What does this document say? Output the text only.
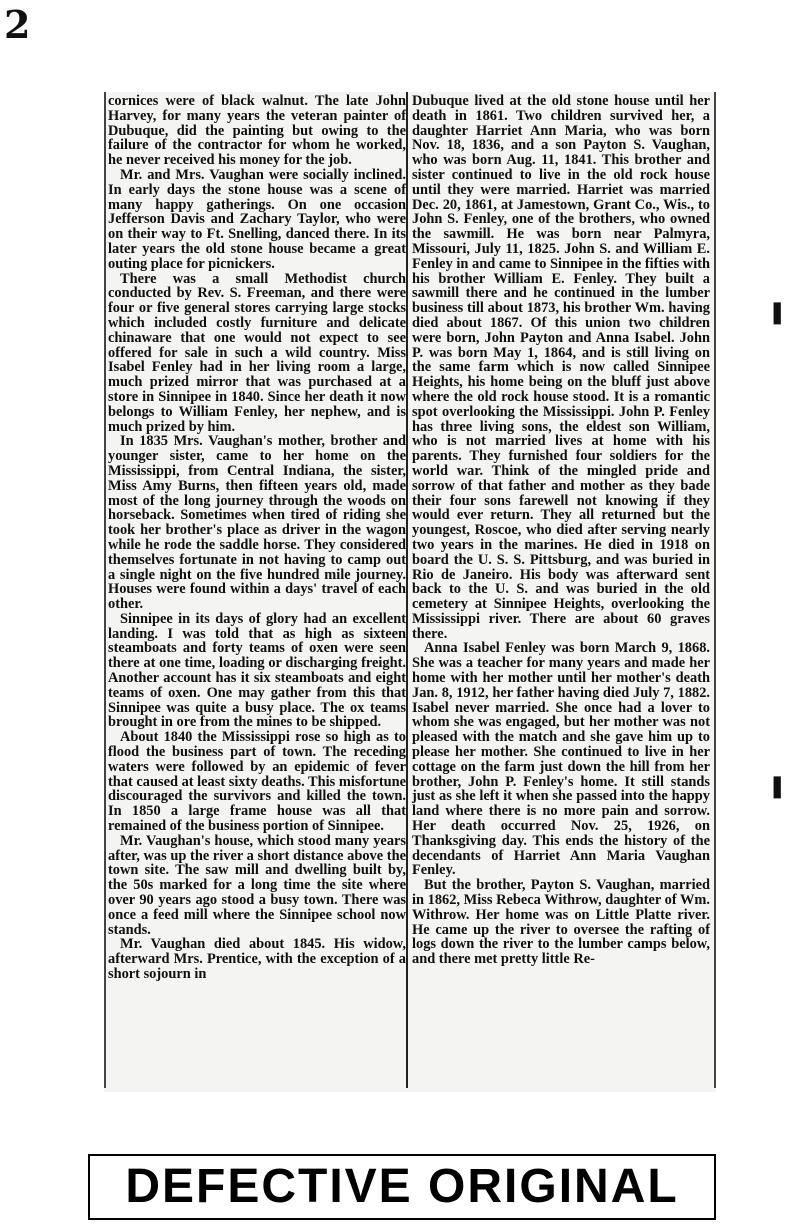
2

cornices were of black walnut. The late John Harvey, for many years the veteran painter of Dubuque, did the painting but owing to the failure of the contractor for whom he worked, he never received his money for the job.

Mr. and Mrs. Vaughan were socially inclined. In early days the stone house was a scene of many happy gatherings. On one occasion Jefferson Davis and Zachary Taylor, who were on their way to Ft. Snelling, danced there. In its later years the old stone house became a great outing place for picnickers.

There was a small Methodist church conducted by Rev. S. Freeman, and there were four or five general stores carrying large stocks which included costly furniture and delicate chinaware that one would not expect to see offered for sale in such a wild country. Miss Isabel Fenley had in her living room a large, much prized mirror that was purchased at a store in Sinnipee in 1840. Since her death it now belongs to William Fenley, her nephew, and is much prized by him.

In 1835 Mrs. Vaughan's mother, brother and younger sister, came to her home on the Mississippi, from Central Indiana, the sister, Miss Amy Burns, then fifteen years old, made most of the long journey through the woods on horseback. Sometimes when tired of riding she took her brother's place as driver in the wagon while he rode the saddle horse. They considered themselves fortunate in not having to camp out a single night on the five hundred mile journey. Houses were found within a days' travel of each other.

Sinnipee in its days of glory had an excellent landing. I was told that as high as sixteen steamboats and forty teams of oxen were seen there at one time, loading or discharging freight. Another account has it six steamboats and eight teams of oxen. One may gather from this that Sinnipee was quite a busy place. The ox teams brought in ore from the mines to be shipped.

About 1840 the Mississippi rose so high as to flood the business part of town. The receding waters were followed by an epidemic of fever that caused at least sixty deaths. This misfortune discouraged the survivors and killed the town. In 1850 a large frame house was all that remained of the business portion of Sinnipee.

Mr. Vaughan's house, which stood many years after, was up the river a short distance above the town site. The saw mill and dwelling built by, the 50s marked for a long time the site where over 90 years ago stood a busy town. There was once a feed mill where the Sinnipee school now stands.

Mr. Vaughan died about 1845. His widow, afterward Mrs. Prentice, with the exception of a short sojourn in

Dubuque lived at the old stone house until her death in 1861. Two children survived her, a daughter Harriet Ann Maria, who was born Nov. 18, 1836, and a son Payton S. Vaughan, who was born Aug. 11, 1841. This brother and sister continued to live in the old rock house until they were married. Harriet was married Dec. 20, 1861, at Jamestown, Grant Co., Wis., to John S. Fenley, one of the brothers, who owned the sawmill. He was born near Palmyra, Missouri, July 11, 1825. John S. and William E. Fenley in and came to Sinnipee in the fifties with his brother William E. Fenley. They built a sawmill there and he continued in the lumber business till about 1873, his brother Wm. having died about 1867. Of this union two children were born, John Payton and Anna Isabel. John P. was born May 1, 1864, and is still living on the same farm which is now called Sinnipee Heights, his home being on the bluff just above where the old rock house stood. It is a romantic spot overlooking the Mississippi. John P. Fenley has three living sons, the eldest son William, who is not married lives at home with his parents. They furnished four soldiers for the world war. Think of the mingled pride and sorrow of that father and mother as they bade their four sons farewell not knowing if they would ever return. They all returned but the youngest, Roscoe, who died after serving nearly two years in the marines. He died in 1918 on board the U. S. S. Pittsburg, and was buried in Rio de Janeiro. His body was afterward sent back to the U. S. and was buried in the old cemetery at Sinnipee Heights, overlooking the Mississippi river. There are about 60 graves there.

Anna Isabel Fenley was born March 9, 1868. She was a teacher for many years and made her home with her mother until her mother's death Jan. 8, 1912, her father having died July 7, 1882. Isabel never married. She once had a lover to whom she was engaged, but her mother was not pleased with the match and she gave him up to please her mother. She continued to live in her cottage on the farm just down the hill from her brother, John P. Fenley's home. It still stands just as she left it when she passed into the happy land where there is no more pain and sorrow. Her death occurred Nov. 25, 1926, on Thanksgiving day. This ends the history of the decendants of Harriet Ann Maria Vaughan Fenley.

But the brother, Payton S. Vaughan, married in 1862, Miss Rebeca Withrow, daughter of Wm. Withrow. Her home was on Little Platte river. He came up the river to oversee the rafting of logs down the river to the lumber camps below, and there met pretty little Re-

❚
❚
DEFECTIVE ORIGINAL
